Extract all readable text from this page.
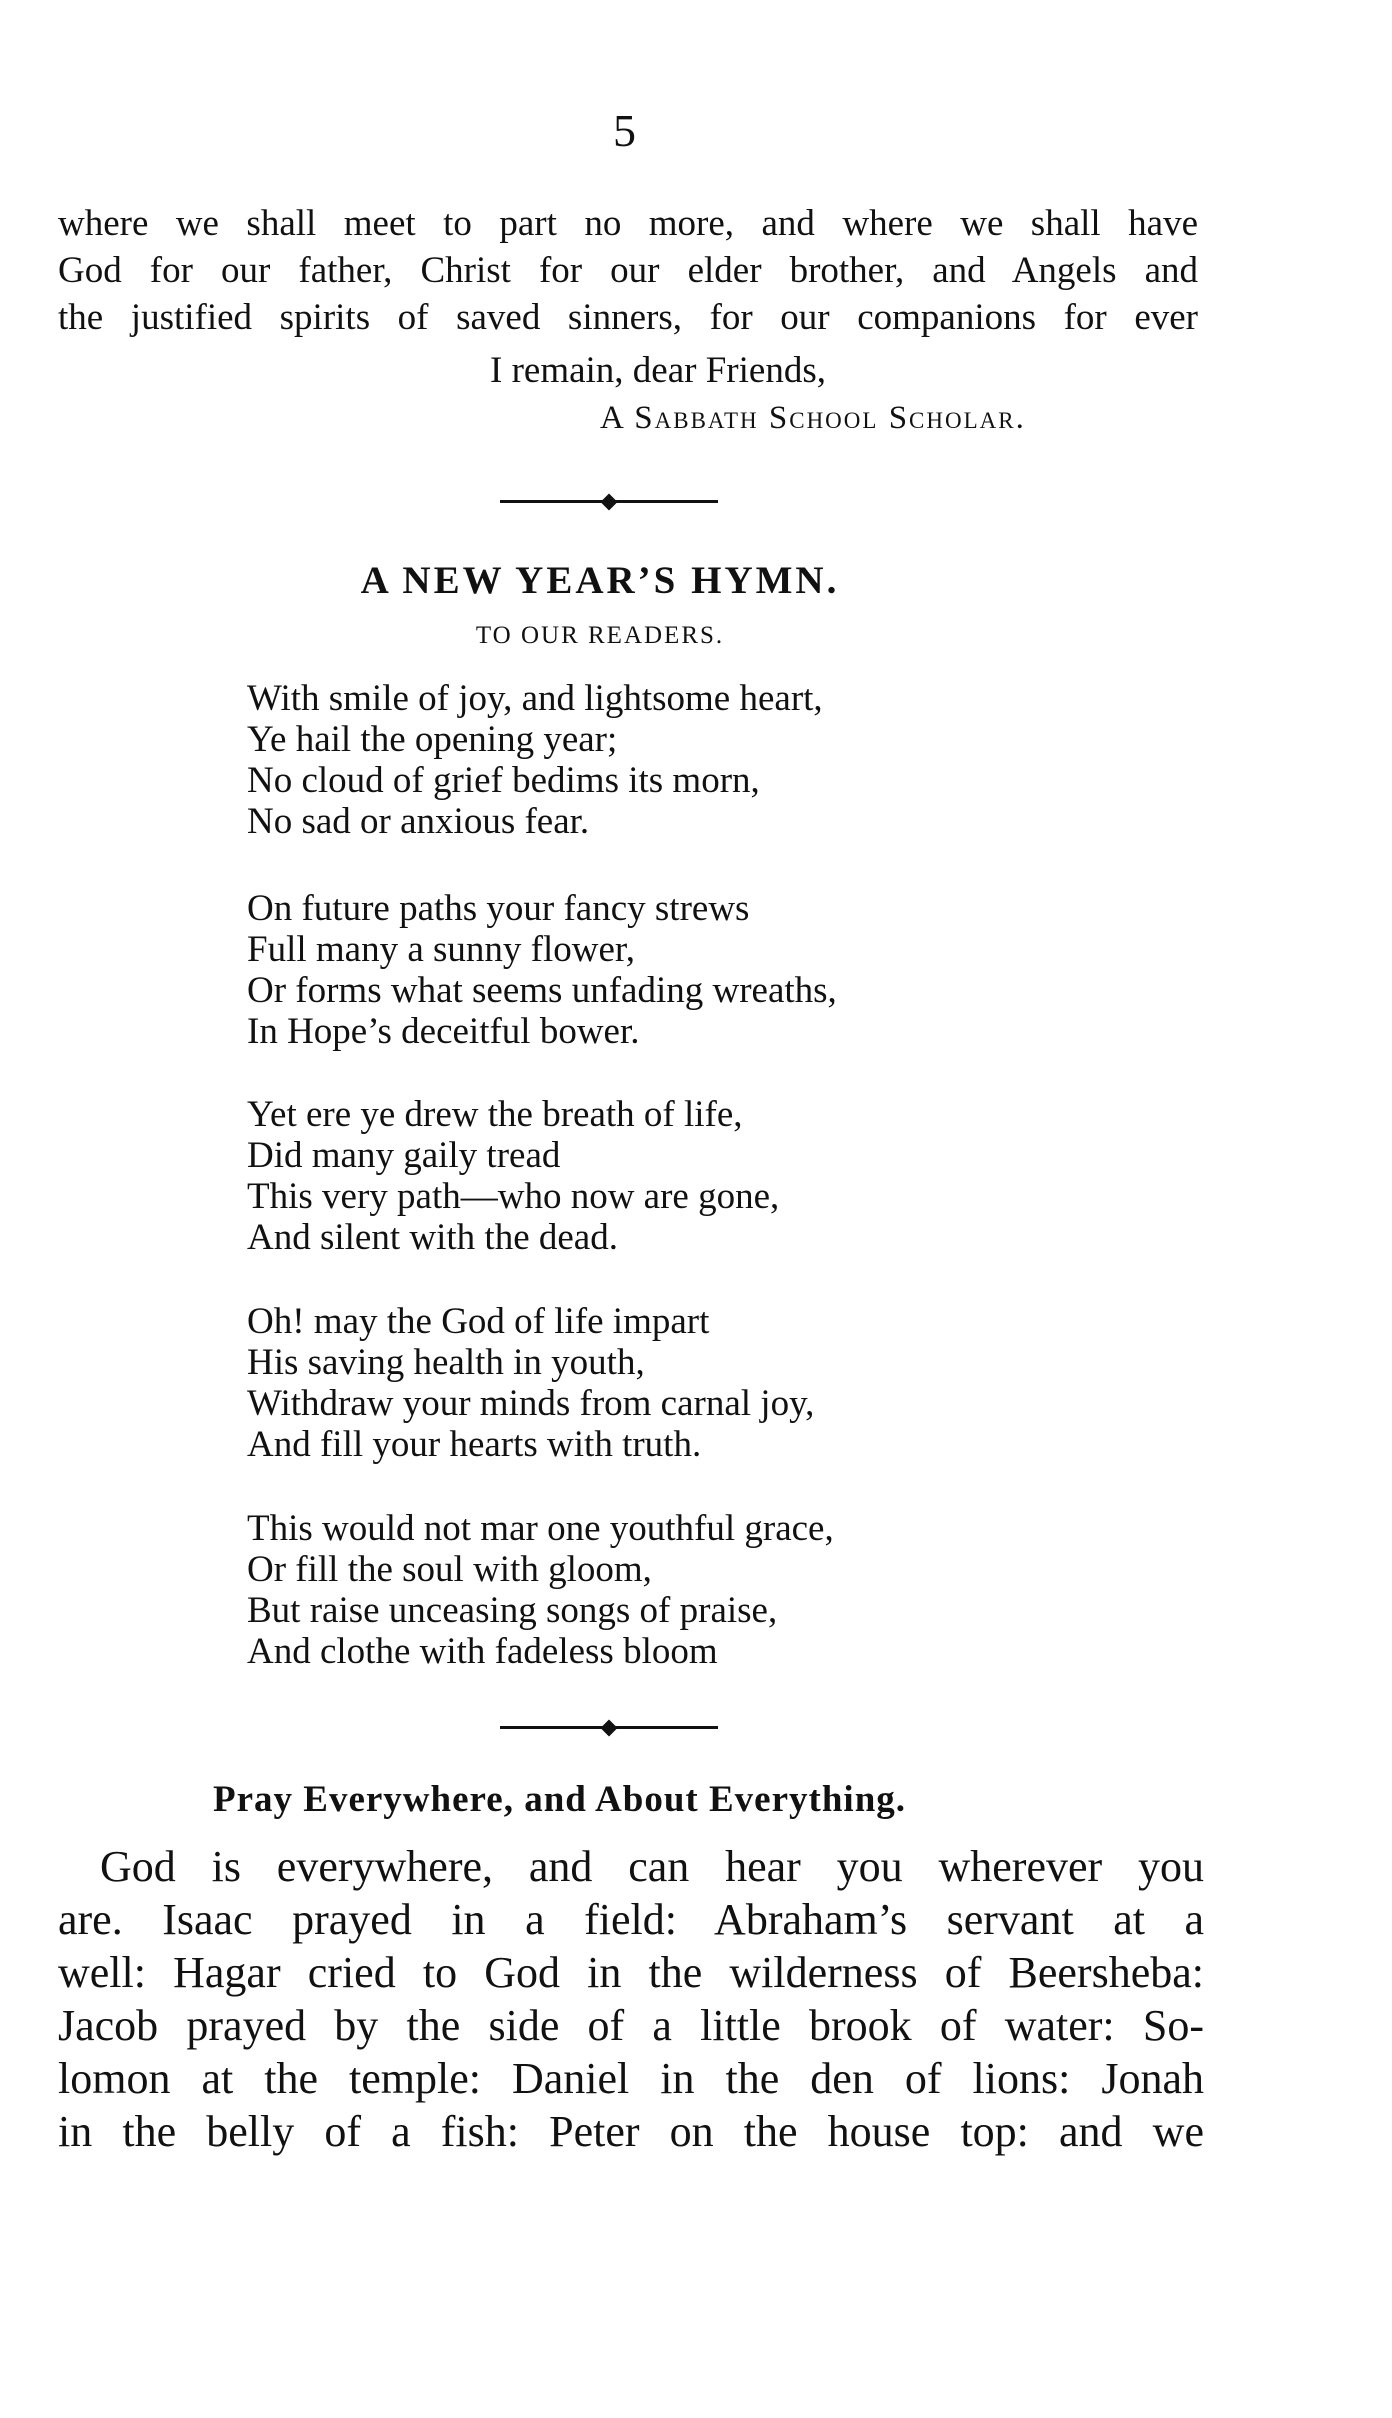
5
where we shall meet to part no more, and where we shall have
God for our father, Christ for our elder brother, and Angels and
the justified spirits of saved sinners, for our companions for ever
I remain, dear Friends,
A Sabbath School Scholar.
A NEW YEAR’S HYMN.
TO OUR READERS.
With smile of joy, and lightsome heart,
Ye hail the opening year;
No cloud of grief bedims its morn,
No sad or anxious fear.
On future paths your fancy strews
Full many a sunny flower,
Or forms what seems unfading wreaths,
In Hope’s deceitful bower.
Yet ere ye drew the breath of life,
Did many gaily tread
This very path—who now are gone,
And silent with the dead.
Oh! may the God of life impart
His saving health in youth,
Withdraw your minds from carnal joy,
And fill your hearts with truth.
This would not mar one youthful grace,
Or fill the soul with gloom,
But raise unceasing songs of praise,
And clothe with fadeless bloom
Pray Everywhere, and About Everything.
God is everywhere, and can hear you wherever you
are. Isaac prayed in a field: Abraham’s servant at a
well: Hagar cried to God in the wilderness of Beersheba:
Jacob prayed by the side of a little brook of water: So-
lomon at the temple: Daniel in the den of lions: Jonah
in the belly of a fish: Peter on the house top: and we
